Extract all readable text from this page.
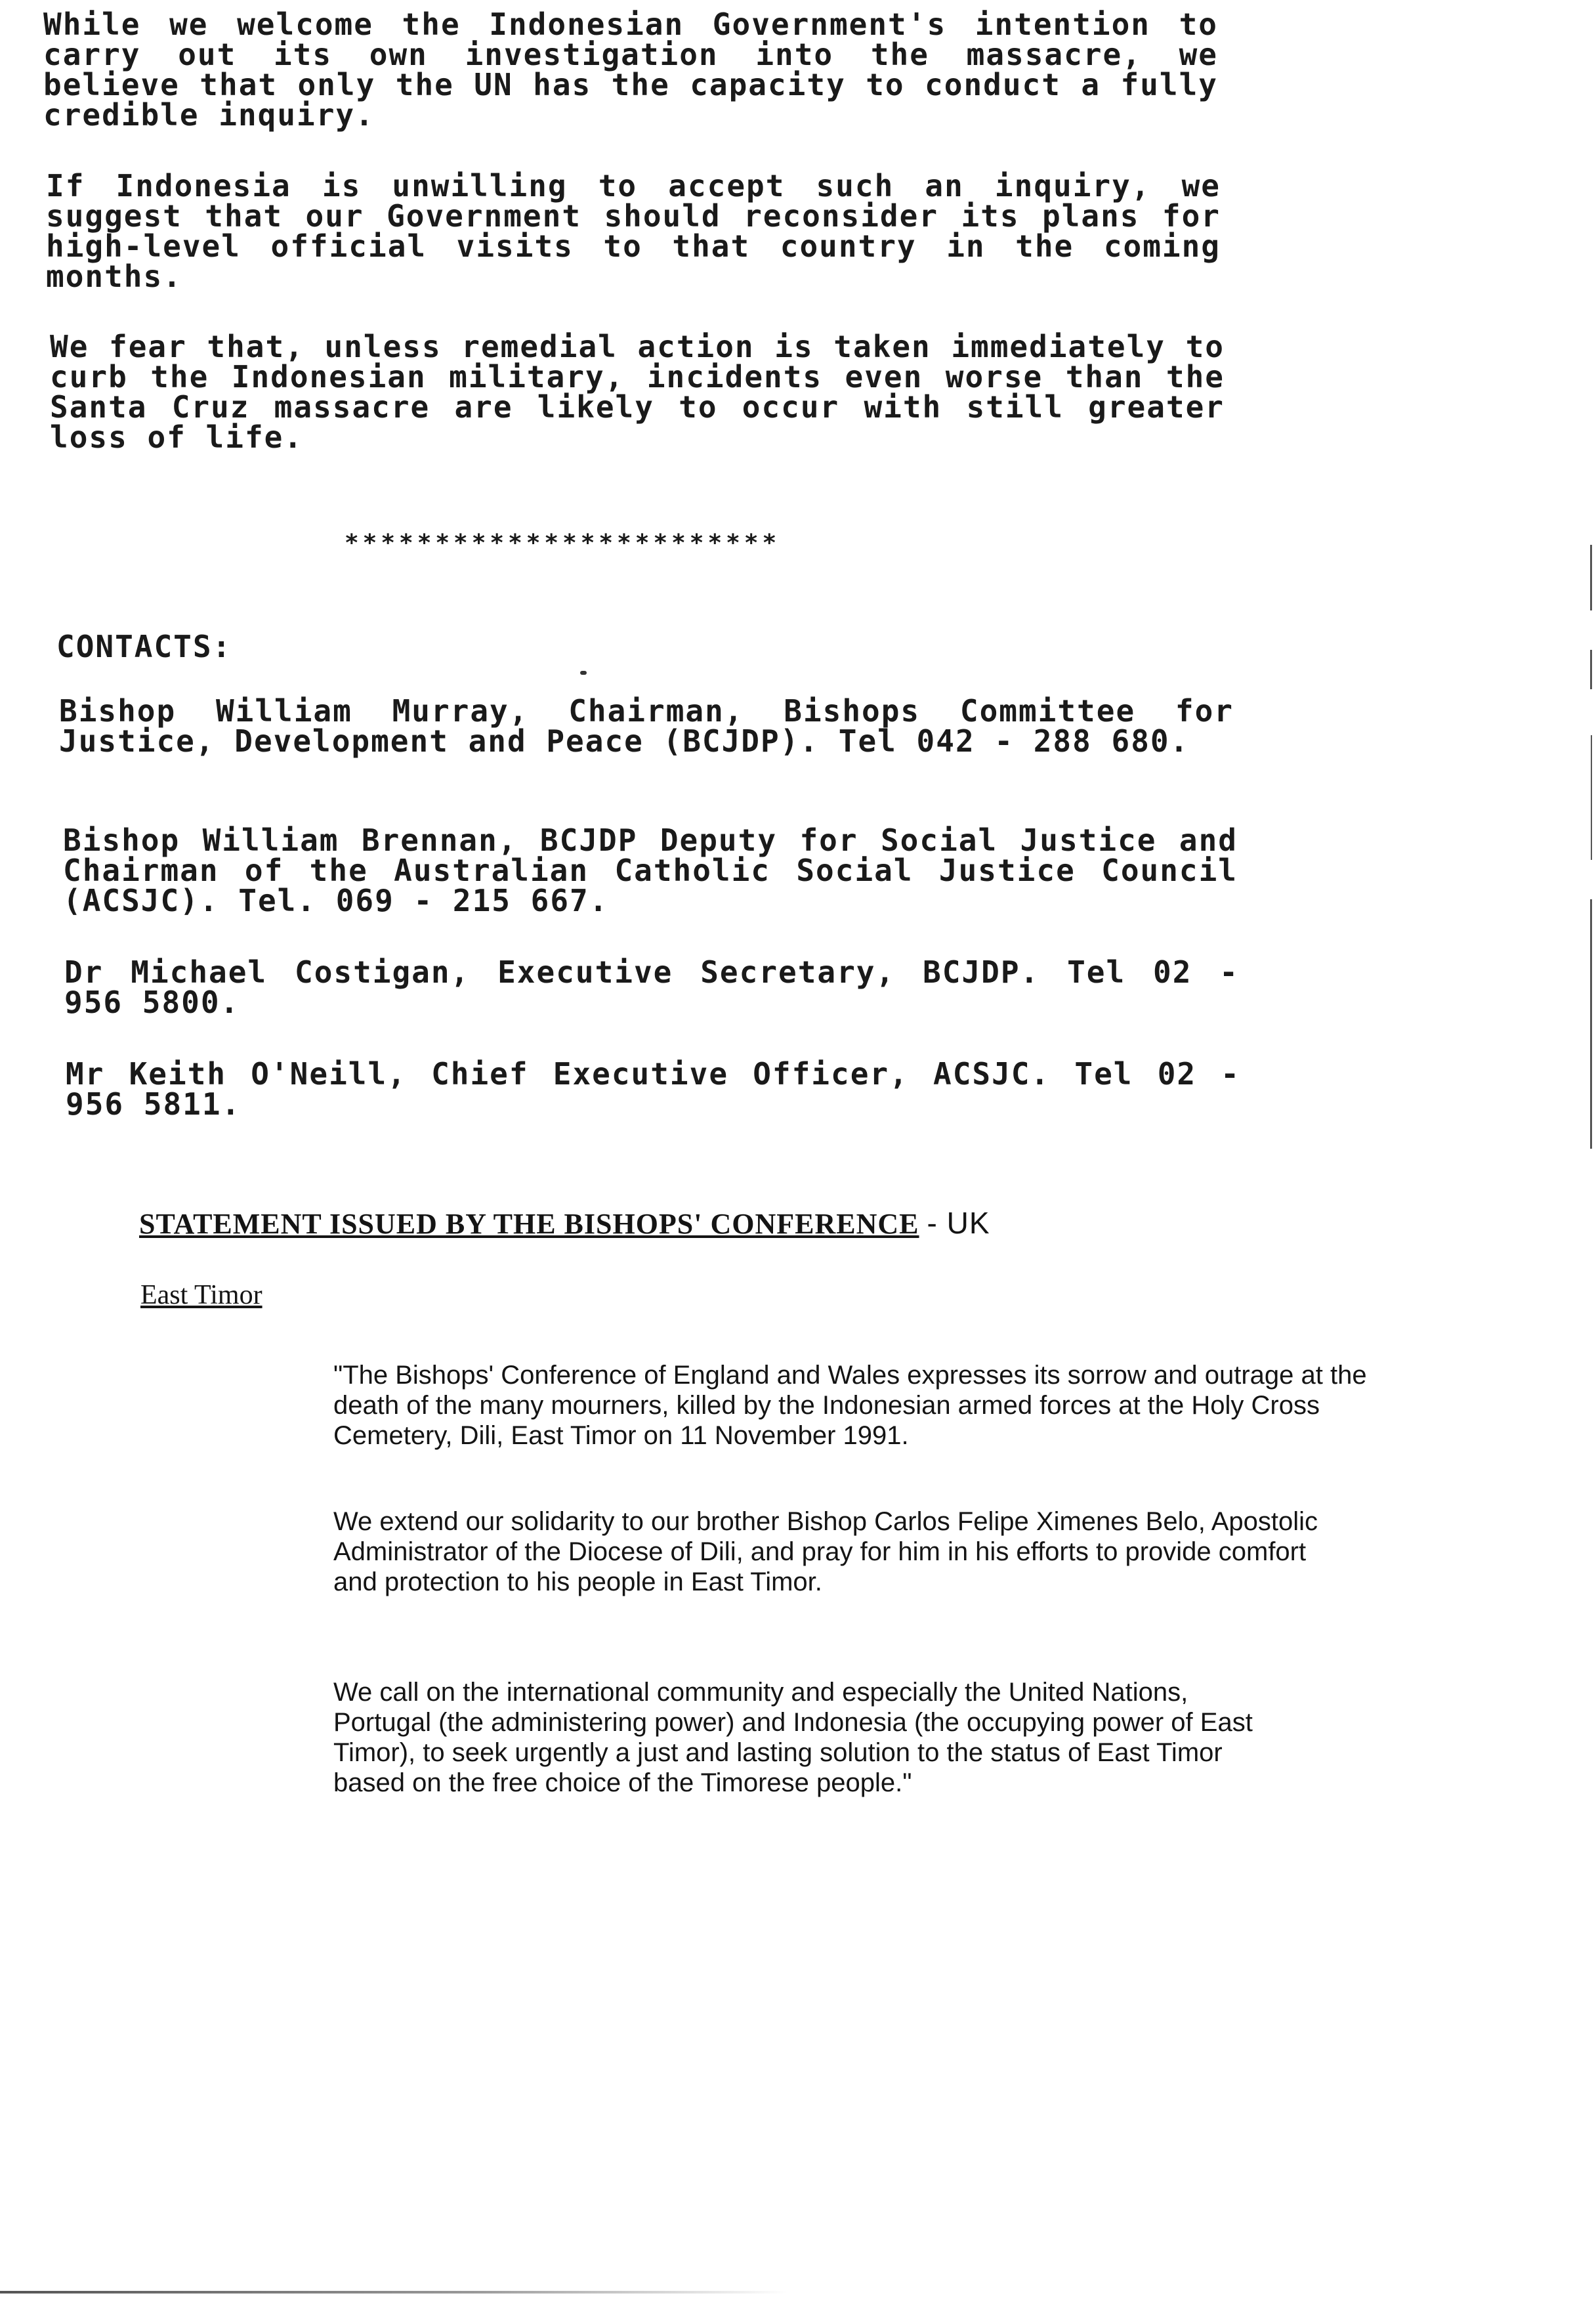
While we welcome the Indonesian Government's intention to carry out its own investigation into the massacre, we believe that only the UN has the capacity to conduct a fully credible inquiry.

If Indonesia is unwilling to accept such an inquiry, we suggest that our Government should reconsider its plans for high-level official visits to that country in the coming months.

We fear that, unless remedial action is taken immediately to curb the Indonesian military, incidents even worse than the Santa Cruz massacre are likely to occur with still greater loss of life.

************************
CONTACTS:

Bishop William Murray, Chairman, Bishops Committee for Justice, Development and Peace (BCJDP). Tel 042 - 288 680.

Bishop William Brennan, BCJDP Deputy for Social Justice and Chairman of the Australian Catholic Social Justice Council (ACSJC). Tel. 069 - 215 667.

Dr Michael Costigan, Executive Secretary, BCJDP. Tel 02 - 956 5800.

Mr Keith O'Neill, Chief Executive Officer, ACSJC. Tel 02 - 956 5811.

STATEMENT ISSUED BY THE BISHOPS' CONFERENCE - UK
East Timor

"The Bishops' Conference of England and Wales expresses its sorrow and outrage at the death of the many mourners, killed by the Indonesian armed forces at the Holy Cross Cemetery, Dili, East Timor on 11 November 1991.

We extend our solidarity to our brother Bishop Carlos Felipe Ximenes Belo, Apostolic Administrator of the Diocese of Dili, and pray for him in his efforts to provide comfort and protection to his people in East Timor.

We call on the international community and especially the United Nations, Portugal (the administering power) and Indonesia (the occupying power of East Timor), to seek urgently a just and lasting solution to the status of East Timor based on the free choice of the Timorese people."
